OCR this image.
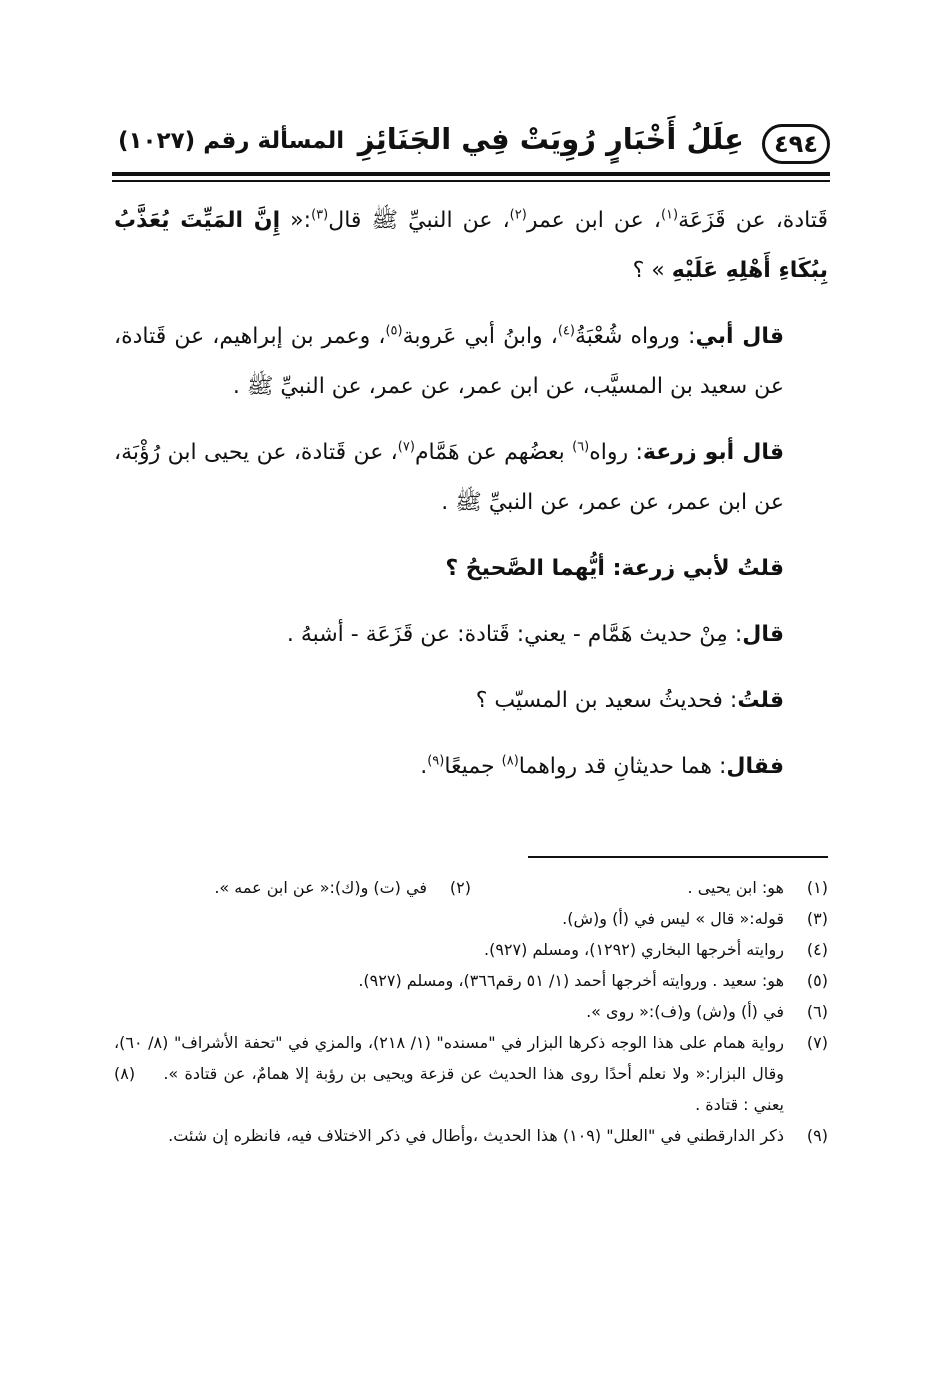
٤٩٤
عِلَلُ أَخْبَارٍ رُوِيَتْ فِي الجَنَائِزِ
المسألة رقم (١٠٢٧)

قَتادة، عن قَزَعَة$^{(١)}$، عن ابن عمر$^{(٢)}$، عن النبيِّ ﷺ قال$^{(٣)}$:« إِنَّ المَيِّتَ يُعَذَّبُ بِبُكَاءِ أَهْلِهِ عَلَيْهِ » ؟

قال أبي: ورواه شُعْبَةُ$^{(٤)}$، وابنُ أبي عَروبة$^{(٥)}$، وعمر بن إبراهيم، عن قَتادة، عن سعيد بن المسيَّب، عن ابن عمر، عن عمر، عن النبيِّ ﷺ .

قال أبو زرعة: رواه$^{(٦)}$ بعضُهم عن هَمَّام$^{(٧)}$، عن قَتادة، عن يحيى ابن رُؤْبَة، عن ابن عمر، عن عمر، عن النبيِّ ﷺ .

قلتُ لأبي زرعة: أيُّهما الصَّحيحُ ؟

قال: مِنْ حديث هَمَّام - يعني: قَتادة: عن قَزَعَة - أشبهُ .

قلتُ: فحديثُ سعيد بن المسيّب ؟

فقال: هما حديثانِ قد رواهما$^{(٨)}$ جميعًا$^{(٩)}$.

(١)
هو: ابن يحيى .
(٢)
في (ت) و(ك):« عن ابن عمه ».
(٣)
قوله:« قال » ليس في (أ) و(ش).
(٤)
روايته أخرجها البخاري (١٢٩٢)، ومسلم (٩٢٧).
(٥)
هو: سعيد . وروايته أخرجها أحمد (١/ ٥١ رقم٣٦٦)، ومسلم (٩٢٧).
(٦)
في (أ) و(ش) و(ف):« روى ».
(٧)
رواية همام على هذا الوجه ذكرها البزار في "مسنده" (١/ ٢١٨)، والمزي في "تحفة الأشراف" (٨/ ٦٠)، وقال البزار:« ولا نعلم أحدًا روى هذا الحديث عن قزعة ويحيى بن رؤبة إلا همامٌ، عن قتادة ». (٨) يعني : قتادة .
(٩)
ذكر الدارقطني في "العلل" (١٠٩) هذا الحديث ،وأطال في ذكر الاختلاف فيه، فانظره إن شئت.
